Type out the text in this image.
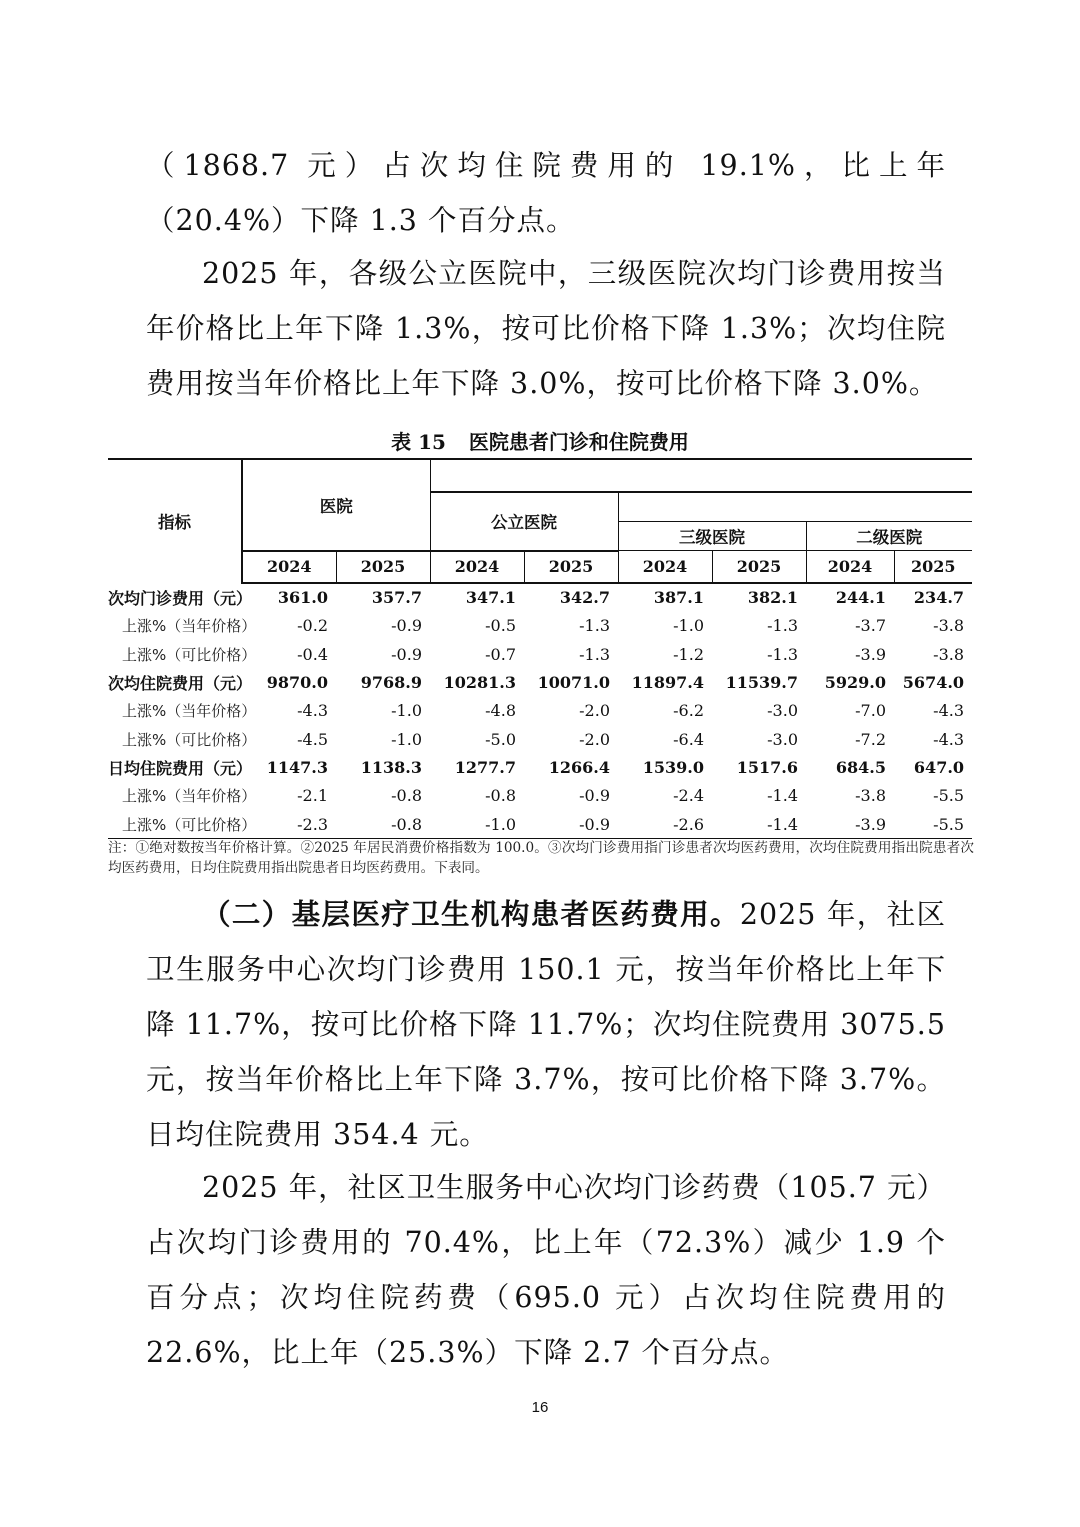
（1868.7 元）占次均住院费用的 19.1%，比上年（20.4%）下降 1.3 个百分点。

2025 年，各级公立医院中，三级医院次均门诊费用按当年价格比上年下降 1.3%，按可比价格下降 1.3%；次均住院费用按当年价格比上年下降 3.0%，按可比价格下降 3.0%。

表 15 医院患者门诊和住院费用
指标	医院							
			公立医院					
					三级医院		二级医院	
	2024	2025	2024	2025	2024	2025	2024	2025
次均门诊费用（元）	361.0	357.7	347.1	342.7	387.1	382.1	244.1	234.7
上涨%（当年价格）	-0.2	-0.9	-0.5	-1.3	-1.0	-1.3	-3.7	-3.8
上涨%（可比价格）	-0.4	-0.9	-0.7	-1.3	-1.2	-1.3	-3.9	-3.8
次均住院费用（元）	9870.0	9768.9	10281.3	10071.0	11897.4	11539.7	5929.0	5674.0
上涨%（当年价格）	-4.3	-1.0	-4.8	-2.0	-6.2	-3.0	-7.0	-4.3
上涨%（可比价格）	-4.5	-1.0	-5.0	-2.0	-6.4	-3.0	-7.2	-4.3
日均住院费用（元）	1147.3	1138.3	1277.7	1266.4	1539.0	1517.6	684.5	647.0
上涨%（当年价格）	-2.1	-0.8	-0.8	-0.9	-2.4	-1.4	-3.8	-5.5
上涨%（可比价格）	-2.3	-0.8	-1.0	-0.9	-2.6	-1.4	-3.9	-5.5

注：①绝对数按当年价格计算。②2025 年居民消费价格指数为 100.0。③次均门诊费用指门诊患者次均医药费用，次均住院费用指出院患者次均医药费用，日均住院费用指出院患者日均医药费用。下表同。

（二）基层医疗卫生机构患者医药费用。2025 年，社区卫生服务中心次均门诊费用 150.1 元，按当年价格比上年下降 11.7%，按可比价格下降 11.7%；次均住院费用 3075.5 元，按当年价格比上年下降 3.7%，按可比价格下降 3.7%。日均住院费用 354.4 元。

2025 年，社区卫生服务中心次均门诊药费（105.7 元）占次均门诊费用的 70.4%，比上年（72.3%）减少 1.9 个百分点；次均住院药费（695.0 元）占次均住院费用的 22.6%，比上年（25.3%）下降 2.7 个百分点。

16
